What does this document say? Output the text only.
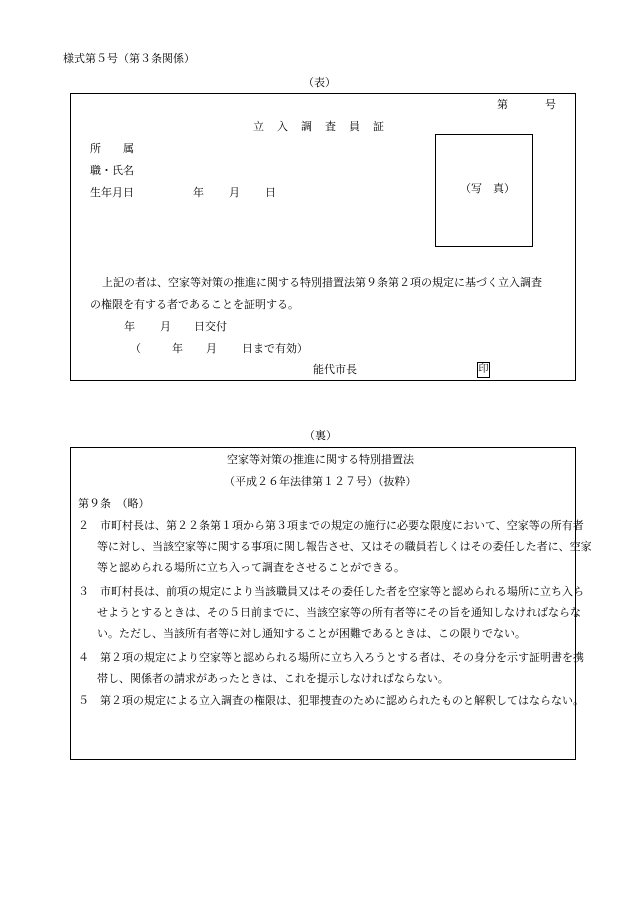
様式第５号（第３条関係）
（表）
第	号
立　入　調　査　員　証
所　　属
職・氏名
生年月日	年 月 日	（写　真）
上記の者は、空家等対策の推進に関する特別措置法第９条第２項の規定に基づく立入調査
の権限を有する者であることを証明する。
年 月 日交付
（	年 月 日まで有効）
能代市長	印
（裏）
空家等対策の推進に関する特別措置法
（平成２６年法律第１２７号）（抜粋）
第９条　（略）
２　市町村長は、第２２条第１項から第３項までの規定の施行に必要な限度において、空家等の所有者等に対し、当該空家等に関する事項に関し報告させ、又はその職員若しくはその委任した者に、空家等と認められる場所に立ち入って調査をさせることができる。
３　市町村長は、前項の規定により当該職員又はその委任した者を空家等と認められる場所に立ち入らせようとするときは、その５日前までに、当該空家等の所有者等にその旨を通知しなければならない。ただし、当該所有者等に対し通知することが困難であるときは、この限りでない。
４　第２項の規定により空家等と認められる場所に立ち入ろうとする者は、その身分を示す証明書を携帯し、関係者の請求があったときは、これを提示しなければならない。
５　第２項の規定による立入調査の権限は、犯罪捜査のために認められたものと解釈してはならない。
